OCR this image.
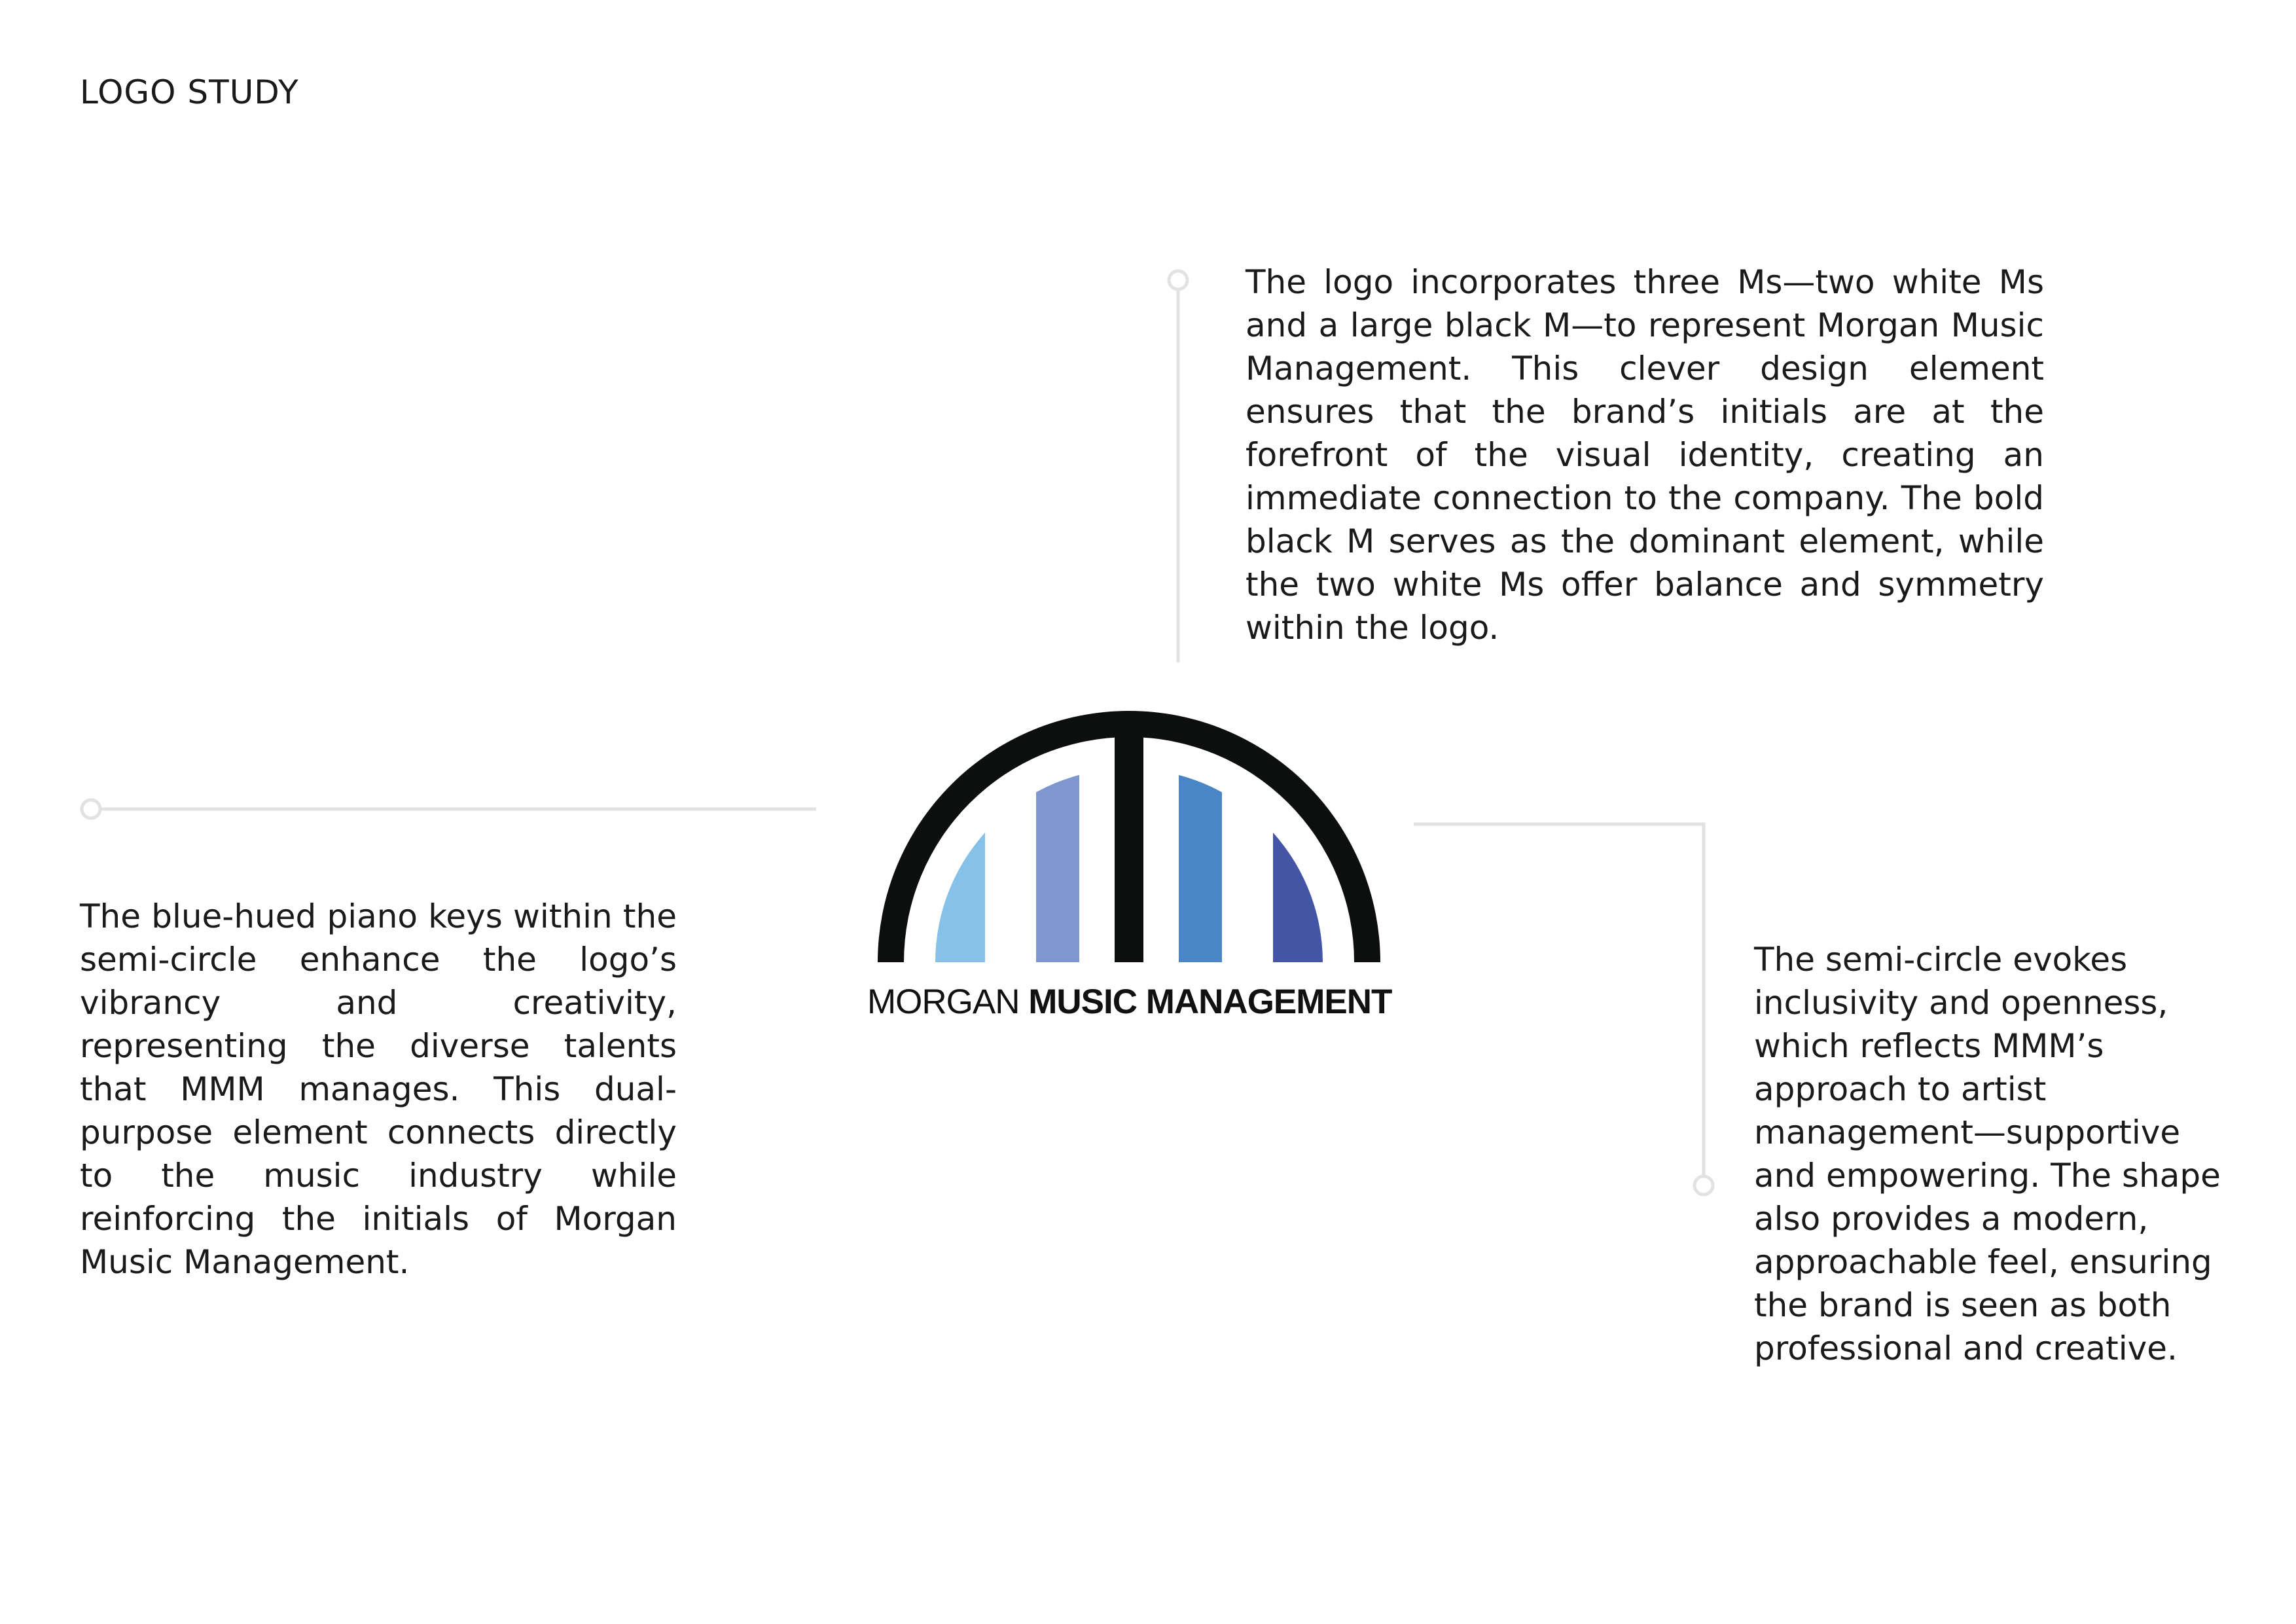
LOGO STUDY

The logo incorporates three Ms—two white Ms and a large black M—to represent Morgan Music Management. This clever design element ensures that the brand’s initials are at the forefront of the visual identity, creating an immediate connection to the company. The bold black M serves as the dominant element, while the two white Ms offer balance and symmetry within the logo.

MORGAN MUSIC MANAGEMENT

The blue-hued piano keys within the semi-circle enhance the logo’s vibrancy and creativity, representing the diverse talents that MMM manages. This dual-purpose element connects directly to the music industry while reinforcing the initials of Morgan Music Management.

The semi-circle evokes inclusivity and openness, which reflects MMM’s approach to artist management—supportive and empowering. The shape also provides a modern, approachable feel, ensuring the brand is seen as both professional and creative.
